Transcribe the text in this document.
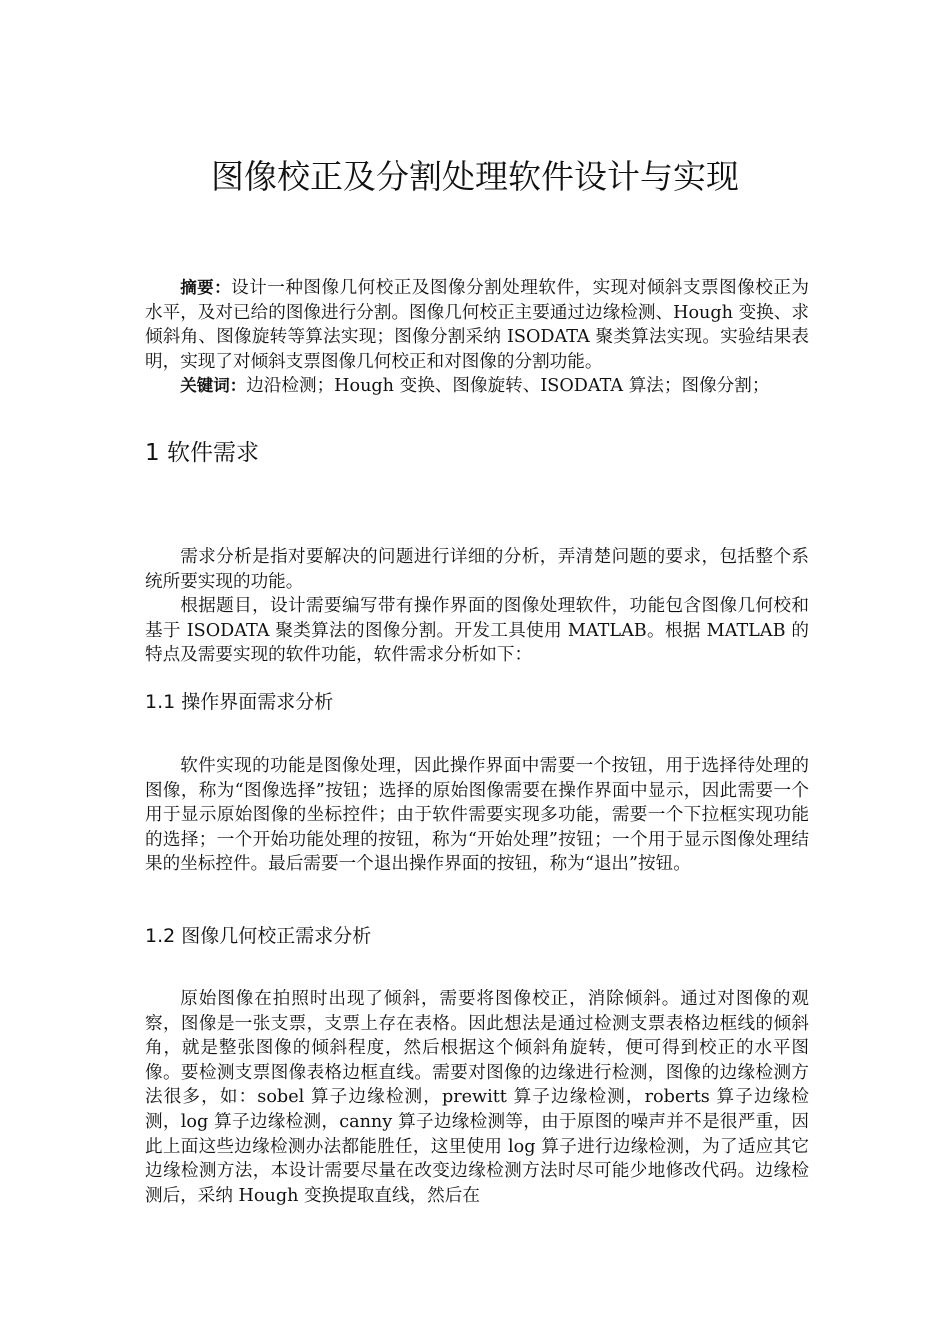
图像校正及分割处理软件设计与实现

摘要：设计一种图像几何校正及图像分割处理软件，实现对倾斜支票图像校正为水平，及对已给的图像进行分割。图像几何校正主要通过边缘检测、Hough 变换、求倾斜角、图像旋转等算法实现；图像分割采纳 ISODATA 聚类算法实现。实验结果表明，实现了对倾斜支票图像几何校正和对图像的分割功能。

关键词：边沿检测；Hough 变换、图像旋转、ISODATA 算法；图像分割；

1 软件需求

需求分析是指对要解决的问题进行详细的分析，弄清楚问题的要求，包括整个系统所要实现的功能。

根据题目，设计需要编写带有操作界面的图像处理软件，功能包含图像几何校和基于 ISODATA 聚类算法的图像分割。开发工具使用 MATLAB。根据 MATLAB 的特点及需要实现的软件功能，软件需求分析如下：

1.1 操作界面需求分析

软件实现的功能是图像处理，因此操作界面中需要一个按钮，用于选择待处理的图像，称为“图像选择”按钮；选择的原始图像需要在操作界面中显示，因此需要一个用于显示原始图像的坐标控件；由于软件需要实现多功能，需要一个下拉框实现功能的选择；一个开始功能处理的按钮，称为“开始处理”按钮；一个用于显示图像处理结果的坐标控件。最后需要一个退出操作界面的按钮，称为“退出”按钮。

1.2 图像几何校正需求分析

原始图像在拍照时出现了倾斜，需要将图像校正，消除倾斜。通过对图像的观察，图像是一张支票，支票上存在表格。因此想法是通过检测支票表格边框线的倾斜角，就是整张图像的倾斜程度，然后根据这个倾斜角旋转，便可得到校正的水平图像。要检测支票图像表格边框直线。需要对图像的边缘进行检测，图像的边缘检测方法很多，如：sobel 算子边缘检测，prewitt 算子边缘检测，roberts 算子边缘检测，log 算子边缘检测，canny 算子边缘检测等，由于原图的噪声并不是很严重，因此上面这些边缘检测办法都能胜任，这里使用 log 算子进行边缘检测，为了适应其它边缘检测方法，本设计需要尽量在改变边缘检测方法时尽可能少地修改代码。边缘检测后，采纳 Hough 变换提取直线，然后在
